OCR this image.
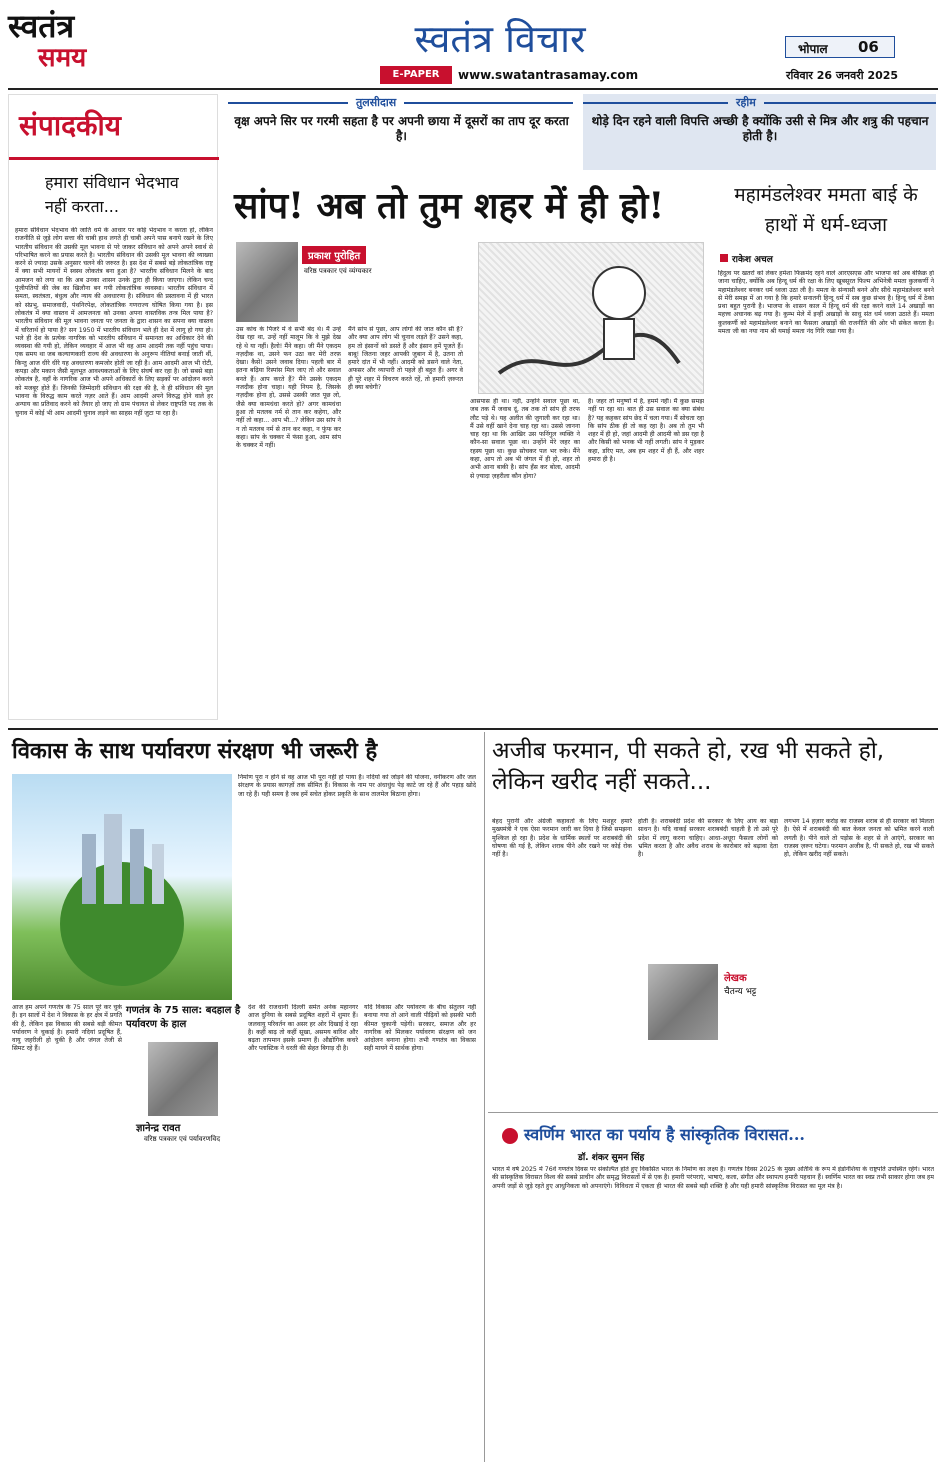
स्वतंत्र
समय	स्वतंत्र विचार
E-PAPER	www.swatantrasamay.com
भोपाल 06
रविवार 26 जनवरी 2025
संपादकीय
हमारा संविधान भेदभाव नहीं करता...
हमारा संविधान भेदभाव की जाति धर्म के आधार पर कोई भेदभाव न करता हो, लेकिन राजनीति से जुड़े लोग सत्ता की चाबी हाथ लगते ही चाबी अपने पास बनाये रखने के लिए भारतीय संविधान की उसकी मूल भावना से परे जाकर संविधान को अपने अपने स्वार्थ से परिभाषित करने का प्रयास करते है। भारतीय संविधान की उसकी मूल भावना की व्याख्या करने से ज्यादा उसके अनुसार चलने की जरुरत है। इस देश में सबसे बड़े लोकतांत्रिक राष्ट्र में क्या सभी मायनों में स्वस्थ लोकतंत्र बना हुआ है? भारतीय संविधान मिलने के बाद आमजन को लगा था कि अब उनका शासन उनके द्वारा ही किया जाएगा। लेकिन चन्द पूंजीपतियों की जेब का खिलौना बन गयी लोकतांत्रिक व्यवस्था। भारतीय संविधान में समता, स्वतंत्रता, बंधुत्व और न्याय की अवधारणा है। संविधान की प्रस्तावना में ही भारत को संप्रभु, समाजवादी, पंथनिरपेक्ष, लोकतांत्रिक गणराज्य घोषित किया गया है। इस लोकतंत्र में क्या वास्तव में आमजनता को उनका अपना वास्तविक तन्त्र मिल पाया है? भारतीय संविधान की मूल भावना जनता पर जनता के द्वारा शासन का सपना क्या वास्तव में चरितार्थ हो पाया है? सन 1950 में भारतीय संविधान भले ही देश में लागू हो गया हो। भले ही देश के प्रत्येक नागरिक को भारतीय संविधान में समानता का अधिकार देने की व्यवस्था की गयी हो, लेकिन व्यवहार में आज भी वह आम आदमी तक नहीं पहुंच पाया। एक समय था जब कल्याणकारी राज्य की अवधारणा के अनुरूप नीतियां बनाई जाती थीं, किन्तु आज धीरे धीरे यह अवधारणा कमजोर होती जा रही है। आम आदमी आज भी रोटी, कपड़ा और मकान जैसी मूलभूत आवश्यकताओं के लिए संघर्ष कर रहा है। जो सबसे बड़ा लोकतंत्र है, वहाँ के नागरिक आज भी अपने अधिकारों के लिए सड़कों पर आंदोलन करने को मजबूर होते हैं। जिनकी जिम्मेदारी संविधान की रक्षा की है, वे ही संविधान की मूल भावना के विरुद्ध काम करते नज़र आते हैं। आम आदमी अपने विरुद्ध होने वाले हर अन्याय का प्रतिवाद करने को तैयार हो जाए तो ग्राम पंचायत से लेकर राष्ट्रपति पद तक के चुनाव में कोई भी आम आदमी चुनाव लड़ने का साहस नहीं जुटा पा रहा है।
तुलसीदास
वृक्ष अपने सिर पर गरमी सहता है पर अपनी छाया में दूसरों का ताप दूर करता है।
रहीम
थोड़े दिन रहने वाली विपत्ति अच्छी है क्योंकि उसी से मित्र और शत्रु की पहचान होती है।
सांप! अब तो तुम शहर में ही हो!
प्रकाश पुरोहित
वरिष्ठ पत्रकार एवं व्यंग्यकार
उस कांच के पिंजरे में वे सभी बंद थे। मैं उन्हें देख रहा था, उन्हें नहीं मालूम कि वे मुझे देख रहे थे या नहीं। हैलो! मैंने कहा। जी मैंने एकदम नज़दीक था, उसने फन उठा कर मेरी तरफ़ देखा। कैसे! उसने जवाब दिया। पहली बार में इतना बढ़िया रिस्पांस मिल जाए तो और सवाल बनते हैं। आप करते हैं? मैंने उसके एकदम नजदीक होना चाहा। यही नियम है, जिसके नज़दीक होना हो, उससे उसकी जात पूछ लो, जैसे क्या कामधंधा करते हो? अगर कामधंधा हुआ तो मतलब नर्म से तान कर कहेगा, और नहीं तो कहा... आप भी...? लेकिन उस सांप ने न तो मतलब नर्म से तान कर कहा, न फुंफ कर कहा। सांप के चक्कर में फंसा हुआ, आम सांप के चक्कर में नहीं।
मैंने सांप से पूछा, आप लोगों की जात कौन सी है? और क्या आप लोग भी चुनाव लड़ते हैं? उसने कहा, हम तो इंसानों को डसते हैं और इंसान हमें पूजते हैं। बाबू! जितना जहर आपकी जुबान में है, उतना तो हमारे दांत में भी नहीं। आदमी को डसने वाले नेता, अफसर और व्यापारी तो पहले ही बहुत हैं। अगर वे ही पूरे शहर में विचरण करते रहें, तो हमारी ज़रूरत ही क्या बचेगी?
आसपास ही था। नहीं, उन्होंने सवाल पूछा था, जब तक मैं जवाब दूं, तब तक तो सांप ही तरफ लौट पड़े थे। यह अलीत की जुगाली कर रहा था। मैं उसे वहीं खाने देना चाह रहा था। उससे जानना चाह रहा था कि आखिर उस फनिंगुल व्यक्ति ने कौन-सा सवाल पूछा था। उन्होंने मेरे जहर का रहस्य पूछा था। कुछ सोचकर पल भर रुके। मैंने कहा, आप तो अब भी जंगल में ही हो, शहर तो अभी आना बाकी है। सांप हँस कर बोला, आदमी से ज़्यादा ज़हरीला कौन होगा?
है। जहर तो मनुष्यों में है, हममें नहीं। मैं कुछ समझ नहीं पा रहा था। बात ही उस सवाल का क्या संबंध है? यह कहकर सांप छेद में चला गया। मैं सोचता रहा कि सांप ठीक ही तो कह रहा है। अब तो तुम भी शहर में ही हो, जहां आदमी ही आदमी को डस रहा है और किसी को भनक भी नहीं लगती। सांप ने मुड़कर कहा, डरिए मत, अब हम शहर में ही हैं, और शहर हमारा ही है।
महामंडलेश्वर ममता बाई के हाथों में धर्म-ध्वजा
राकेश अचल
हिंदुत्व पर खतरों को लेकर हमेशा फिक्रमंद रहने वाले आरएसएस और भाजपा को अब बेफ़िक्र हो जाना चाहिए, क्योंकि अब हिन्दू धर्म की रक्षा के लिए खूबसूरत फिल्म अभिनेत्री ममता कुलकर्णी ने महामंडलेश्वर बनकर धर्म ध्वजा उठा ली है। ममता के संन्यासी बनने और सीधे महामंडलेश्वर बनने से मेरी समझ में आ गया है कि हमारे सनातनी हिन्दू धर्म में सब कुछ संभव है। हिन्दू धर्म में ठेका प्रथा बहुत पुरानी है। भाजपा के शासन काल में हिन्दू धर्म की रक्षा करने वाले 14 अखाड़ों का महत्त्व अचानक बढ़ गया है। कुम्भ मेले में इन्हीं अखाड़ों के साधु संत धर्म ध्वजा उठाते हैं। ममता कुलकर्णी को महामंडलेश्वर बनाने का फैसला अखाड़ों की राजनीति की ओर भी संकेत करता है। ममता जी का नया नाम श्री यमाई ममता नंद गिरि रखा गया है।
विकास के साथ पर्यावरण संरक्षण भी जरूरी है
निर्माण पूरा न होने से वह आज भी पूरा नहीं हो पाया है। नदियों को जोड़ने की योजना, वनीकरण और जल संरक्षण के प्रयास कागज़ों तक सीमित हैं। विकास के नाम पर अंधाधुंध पेड़ काटे जा रहे हैं और पहाड़ खोदे जा रहे हैं। यही समय है जब हमें सचेत होकर प्रकृति के साथ तालमेल बिठाना होगा।
आज हम अपने गणतंत्र के 75 साल पूरे कर चुके हैं। इन सालों में देश ने विकास के हर क्षेत्र में प्रगति की है, लेकिन इस विकास की सबसे बड़ी कीमत पर्यावरण ने चुकाई है। हमारी नदियां प्रदूषित हैं, वायु जहरीली हो चुकी है और जंगल तेजी से सिमट रहे हैं।
गणतंत्र के 75 साल: बदहाल है पर्यावरण के हाल
ज्ञानेन्द्र रावत
वरिष्ठ पत्रकार एवं पर्यावरणविद
देश की राजधानी दिल्ली समेत अनेक महानगर आज दुनिया के सबसे प्रदूषित शहरों में शुमार हैं। जलवायु परिवर्तन का असर हर ओर दिखाई दे रहा है। कहीं बाढ़ तो कहीं सूखा, असमय बारिश और बढ़ता तापमान इसके प्रमाण हैं। औद्योगिक कचरे और प्लास्टिक ने धरती की सेहत बिगाड़ दी है।
यदि विकास और पर्यावरण के बीच संतुलन नहीं बनाया गया तो आने वाली पीढ़ियों को इसकी भारी कीमत चुकानी पड़ेगी। सरकार, समाज और हर नागरिक को मिलकर पर्यावरण संरक्षण को जन आंदोलन बनाना होगा। तभी गणतंत्र का विकास सही मायने में सार्थक होगा।
अजीब फरमान, पी सकते हो, रख भी सकते हो, लेकिन खरीद नहीं सकते...
बेहद पुरानी और अंग्रेजी कहावतों के लिए मशहूर हमारे मुख्यमंत्री ने एक ऐसा फरमान जारी कर दिया है जिसे समझना मुश्किल हो रहा है। प्रदेश के धार्मिक स्थलों पर शराबबंदी की घोषणा की गई है, लेकिन शराब पीने और रखने पर कोई रोक नहीं है।
होती है। शराबबंदी प्रदेश की सरकार के लिए आय का बड़ा साधन है। यदि वाकई सरकार शराबबंदी चाहती है तो उसे पूरे प्रदेश में लागू करना चाहिए। आधा-अधूरा फैसला लोगों को भ्रमित करता है और अवैध शराब के कारोबार को बढ़ावा देता है।
लेखक
चैतन्य भट्ट
लगभग 14 हज़ार करोड़ का राजस्व शराब से ही सरकार को मिलता है। ऐसे में शराबबंदी की बात केवल जनता को भ्रमित करने वाली लगती है। पीने वाले तो पड़ोस के शहर से ले आएंगे, सरकार का राजस्व ज़रूर घटेगा। फरमान अजीब है, पी सकते हो, रख भी सकते हो, लेकिन खरीद नहीं सकते।
स्वर्णिम भारत का पर्याय है सांस्कृतिक विरासत...
डॉ. शंकर सुमन सिंह
भारत में वर्ष 2025 में 76वें गणतंत्र दिवस पर संकल्पित होते हुए विकसित भारत के निर्माण का लक्ष्य है। गणतंत्र दिवस 2025 के मुख्य अतिथि के रूप में इंडोनेशिया के राष्ट्रपति उपस्थित रहेंगे। भारत की सांस्कृतिक विरासत विश्व की सबसे प्राचीन और समृद्ध विरासतों में से एक है। हमारी परंपराएं, भाषाएं, कला, संगीत और स्थापत्य हमारी पहचान हैं। स्वर्णिम भारत का स्वप्न तभी साकार होगा जब हम अपनी जड़ों से जुड़े रहते हुए आधुनिकता को अपनाएंगे। विविधता में एकता ही भारत की सबसे बड़ी शक्ति है और यही हमारी सांस्कृतिक विरासत का मूल मंत्र है।
